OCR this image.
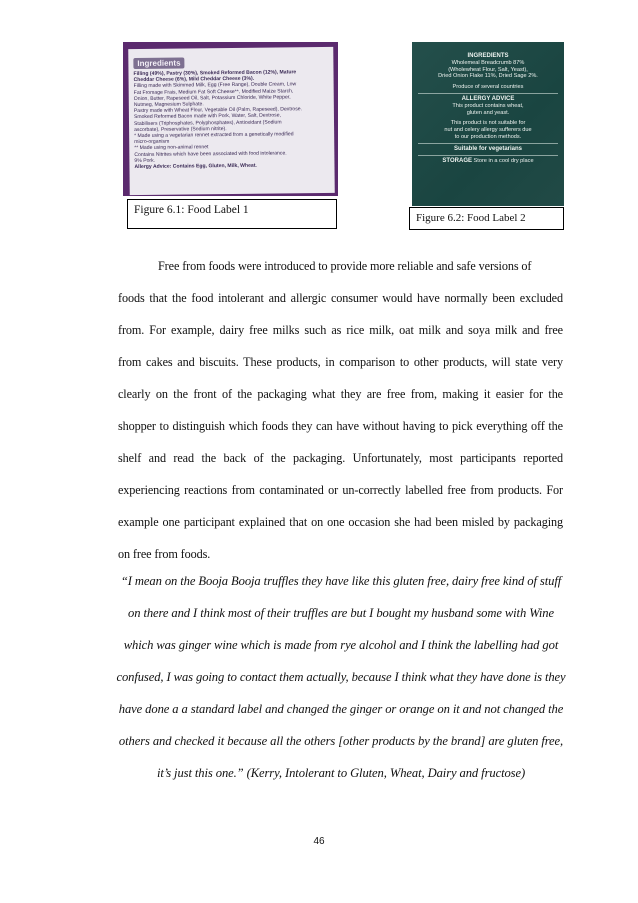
Ingredients
Filling (49%), Pastry (30%), Smoked Reformed Bacon (12%), Mature
Cheddar Cheese (6%), Mild Cheddar Cheese (3%).
Filling made with Skimmed Milk, Egg (Free Range), Double Cream, Low
Fat Fromage Frais, Medium Fat Soft Cheese**, Modified Maize Starch,
Onion, Butter, Rapeseed Oil, Salt, Potassium Chloride, White Pepper,
Nutmeg, Magnesium Sulphate.
Pastry made with Wheat Flour, Vegetable Oil (Palm, Rapeseed), Dextrose.
Smoked Reformed Bacon made with Pork, Water, Salt, Dextrose,
Stabilisers (Triphosphates, Polyphosphates), Antioxidant (Sodium
ascorbate), Preservative (Sodium nitrite).
* Made using a vegetarian rennet extracted from a genetically modified
micro-organism
** Made using non-animal rennet
Contains Nitrites which have been associated with food intolerance.
9% Pork.
Allergy Advice: Contains Egg, Gluten, Milk, Wheat.
Figure 6.1: Food Label 1
INGREDIENTS
Wholemeal Breadcrumb 87%
(Wholewheat Flour, Salt, Yeast),
Dried Onion Flake 11%, Dried Sage 2%.
Produce of several countries
ALLERGY ADVICE
This product contains wheat,
gluten and yeast.
This product is not suitable for
nut and celery allergy sufferers due
to our production methods.
Suitable for vegetarians
STORAGE Store in a cool dry place
Figure 6.2: Food Label 2
Free from foods were introduced to provide more reliable and safe versions of
foods that the food intolerant and allergic consumer would have normally been excluded
from. For example, dairy free milks such as rice milk, oat milk and soya milk and free
from cakes and biscuits. These products, in comparison to other products, will state very
clearly on the front of the packaging what they are free from, making it easier for the
shopper to distinguish which foods they can have without having to pick everything off the
shelf and read the back of the packaging. Unfortunately, most participants reported
experiencing reactions from contaminated or un-correctly labelled free from products. For
example one participant explained that on one occasion she had been misled by packaging
on free from foods.
“I mean on the Booja Booja truffles they have like this gluten free, dairy free kind of stuff
on there and I think most of their truffles are but I bought my husband some with Wine
which was ginger wine which is made from rye alcohol and I think the labelling had got
confused, I was going to contact them actually, because I think what they have done is they
have done a a standard label and changed the ginger or orange on it and not changed the
others and checked it because all the others [other products by the brand] are gluten free,
it’s just this one.” (Kerry, Intolerant to Gluten, Wheat, Dairy and fructose)
46
